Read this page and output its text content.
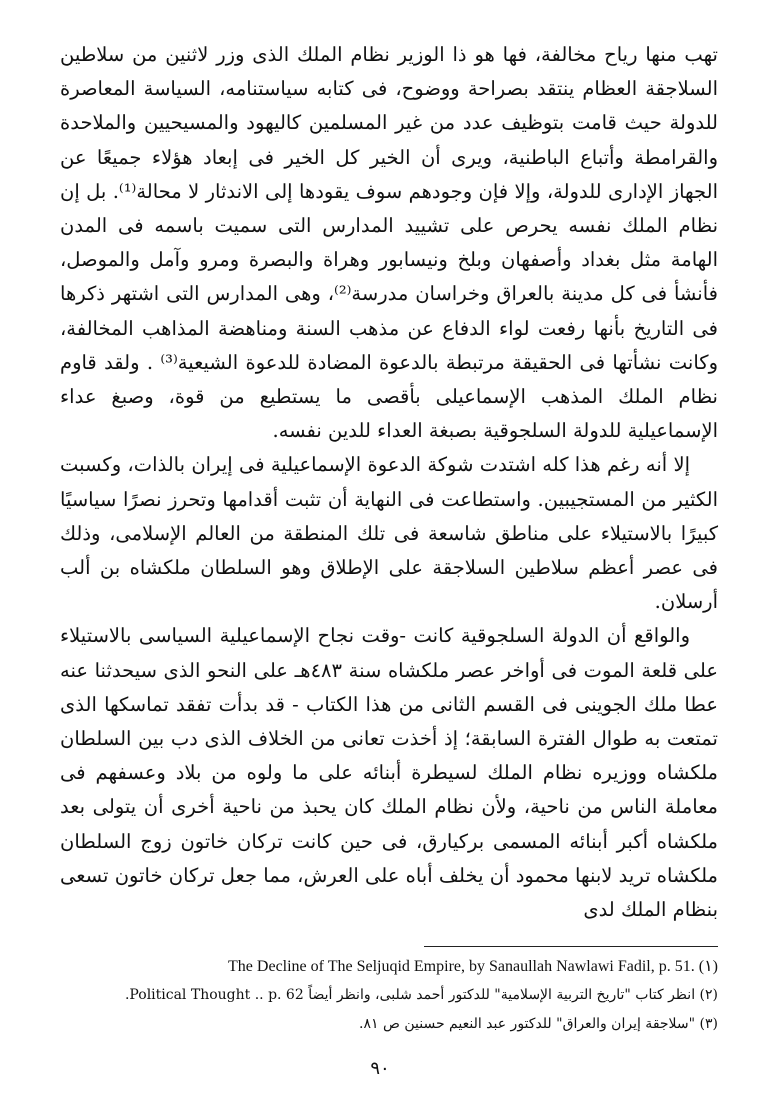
تهب منها رياح مخالفة، فها هو ذا الوزير نظام الملك الذى وزر لاثنين من سلاطين السلاجقة العظام ينتقد بصراحة ووضوح، فى كتابه سياستنامه، السياسة المعاصرة للدولة حيث قامت بتوظيف عدد من غير المسلمين كاليهود والمسيحيين والملاحدة والقرامطة وأتباع الباطنية، ويرى أن الخير كل الخير فى إبعاد هؤلاء جميعًا عن الجهاز الإدارى للدولة، وإلا فإن وجودهم سوف يقودها إلى الاندثار لا محالة⁽¹⁾. بل إن نظام الملك نفسه يحرص على تشييد المدارس التى سميت باسمه فى المدن الهامة مثل بغداد وأصفهان وبلخ ونيسابور وهراة والبصرة ومرو وآمل والموصل، فأنشأ فى كل مدينة بالعراق وخراسان مدرسة⁽²⁾، وهى المدارس التى اشتهر ذكرها فى التاريخ بأنها رفعت لواء الدفاع عن مذهب السنة ومناهضة المذاهب المخالفة، وكانت نشأتها فى الحقيقة مرتبطة بالدعوة المضادة للدعوة الشيعية⁽³⁾ . ولقد قاوم نظام الملك المذهب الإسماعيلى بأقصى ما يستطيع من قوة، وصبغ عداء الإسماعيلية للدولة السلجوقية بصبغة العداء للدين نفسه.

إلا أنه رغم هذا كله اشتدت شوكة الدعوة الإسماعيلية فى إيران بالذات، وكسبت الكثير من المستجيبين. واستطاعت فى النهاية أن تثبت أقدامها وتحرز نصرًا سياسيًا كبيرًا بالاستيلاء على مناطق شاسعة فى تلك المنطقة من العالم الإسلامى، وذلك فى عصر أعظم سلاطين السلاجقة على الإطلاق وهو السلطان ملكشاه بن ألب أرسلان.

والواقع أن الدولة السلجوقية كانت -وقت نجاح الإسماعيلية السياسى بالاستيلاء على قلعة الموت فى أواخر عصر ملكشاه سنة ٤٨٣هـ على النحو الذى سيحدثنا عنه عطا ملك الجوينى فى القسم الثانى من هذا الكتاب - قد بدأت تفقد تماسكها الذى تمتعت به طوال الفترة السابقة؛ إذ أخذت تعانى من الخلاف الذى دب بين السلطان ملكشاه ووزيره نظام الملك لسيطرة أبنائه على ما ولوه من بلاد وعسفهم فى معاملة الناس من ناحية، ولأن نظام الملك كان يحبذ من ناحية أخرى أن يتولى بعد ملكشاه أكبر أبنائه المسمى بركيارق، فى حين كانت تركان خاتون زوج السلطان ملكشاه تريد لابنها محمود أن يخلف أباه على العرش، مما جعل تركان خاتون تسعى بنظام الملك لدى

The Decline of The Seljuqid Empire, by Sanaullah Nawlawi Fadil, p. 51. (١)

(٢) انظر كتاب "تاريخ التربية الإسلامية" للدكتور أحمد شلبى، وانظر أيضاً Political Thought .. p. 62.

(٣) "سلاجقة إيران والعراق" للدكتور عبد النعيم حسنين ص ٨١.

٩٠
